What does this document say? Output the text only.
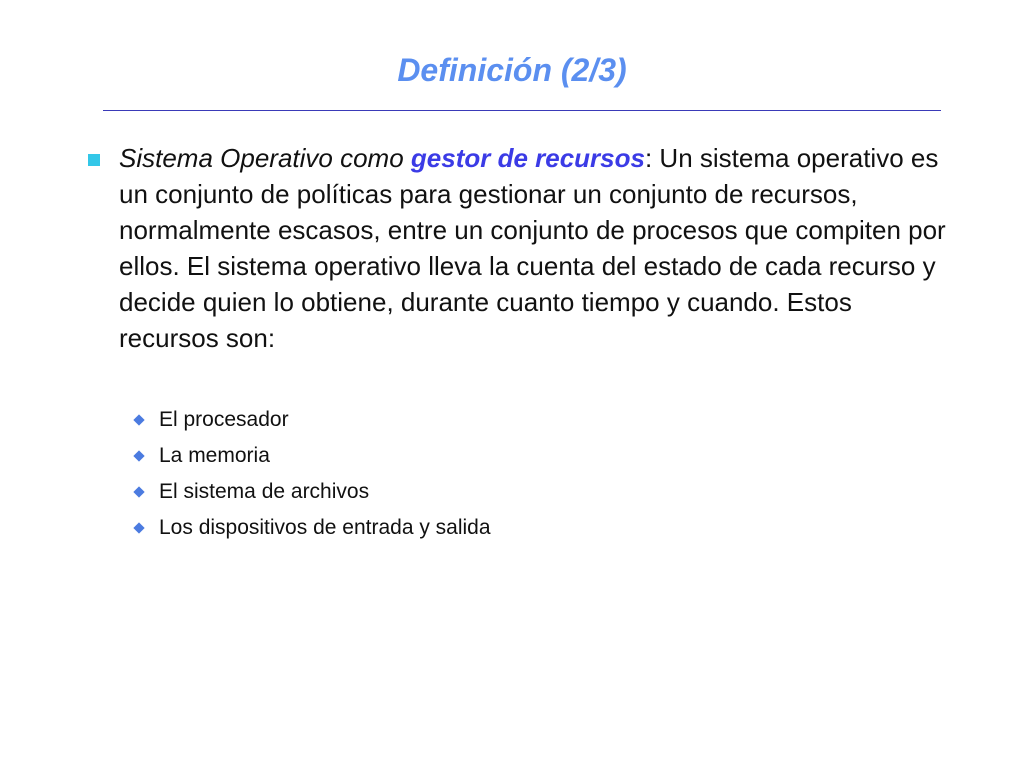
Definición (2/3)
Sistema Operativo como gestor de recursos: Un sistema operativo es un conjunto de políticas para gestionar un conjunto de recursos, normalmente escasos, entre un conjunto de procesos que compiten por ellos. El sistema operativo lleva la cuenta del estado de cada recurso y decide quien lo obtiene, durante cuanto tiempo y cuando. Estos recursos son:
El procesador
La memoria
El sistema de archivos
Los dispositivos de entrada y salida
